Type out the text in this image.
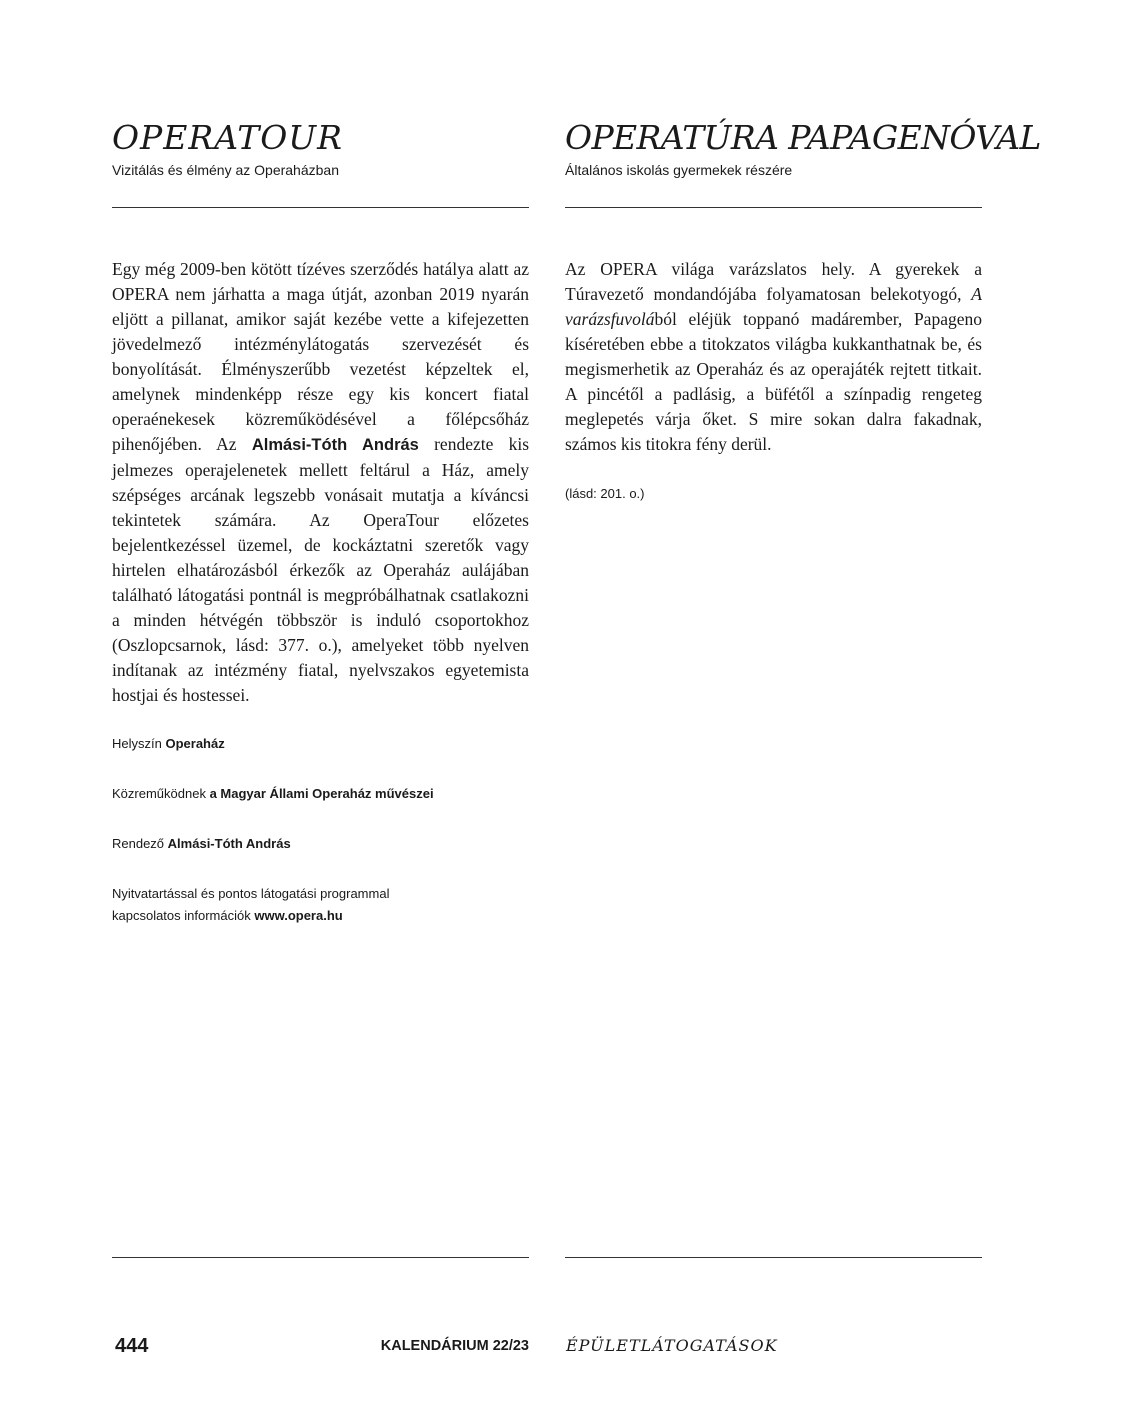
OPERATOUR

Vizitálás és élmény az Operaházban

Egy még 2009-ben kötött tízéves szerződés hatálya alatt az OPERA nem járhatta a maga útját, azonban 2019 nyarán eljött a pillanat, amikor saját kezébe vette a kifejezetten jövedelmező intézménylátogatás szervezését és bonyolítását. Élményszerűbb vezetést képzeltek el, amelynek mindenképp része egy kis koncert fiatal operaénekesek közreműködésével a főlépcsőház pihenőjében. Az Almási-Tóth András rendezte kis jelmezes operajelenetek mellett feltárul a Ház, amely szépséges arcának legszebb vonásait mutatja a kíváncsi tekintetek számára. Az OperaTour előzetes bejelentkezéssel üzemel, de kockáztatni szeretők vagy hirtelen elhatározásból érkezők az Operaház aulájában található látogatási pontnál is megpróbálhatnak csatlakozni a minden hétvégén többször is induló csoportokhoz (Oszlopcsarnok, lásd: 377. o.), amelyeket több nyelven indítanak az intézmény fiatal, nyelvszakos egyetemista hostjai és hostessei.

Helyszín Operaház

Közreműködnek a Magyar Állami Operaház művészei

Rendező Almási-Tóth András

Nyitvatartással és pontos látogatási programmal
kapcsolatos információk www.opera.hu

OPERATÚRA PAPAGENÓVAL

Általános iskolás gyermekek részére

Az OPERA világa varázslatos hely. A gyerekek a Túravezető mondandójába folyamatosan belekotyogó, A varázsfuvolából eléjük toppanó madárember, Papageno kíséretében ebbe a titokzatos világba kukkanthatnak be, és megismerhetik az Operaház és az operajáték rejtett titkait. A pincétől a padlásig, a büfétől a színpadig rengeteg meglepetés várja őket. S mire sokan dalra fakadnak, számos kis titokra fény derül.

(lásd: 201. o.)

444	KALENDÁRIUM 22/23 ÉPÜLETLÁTOGATÁSOK
